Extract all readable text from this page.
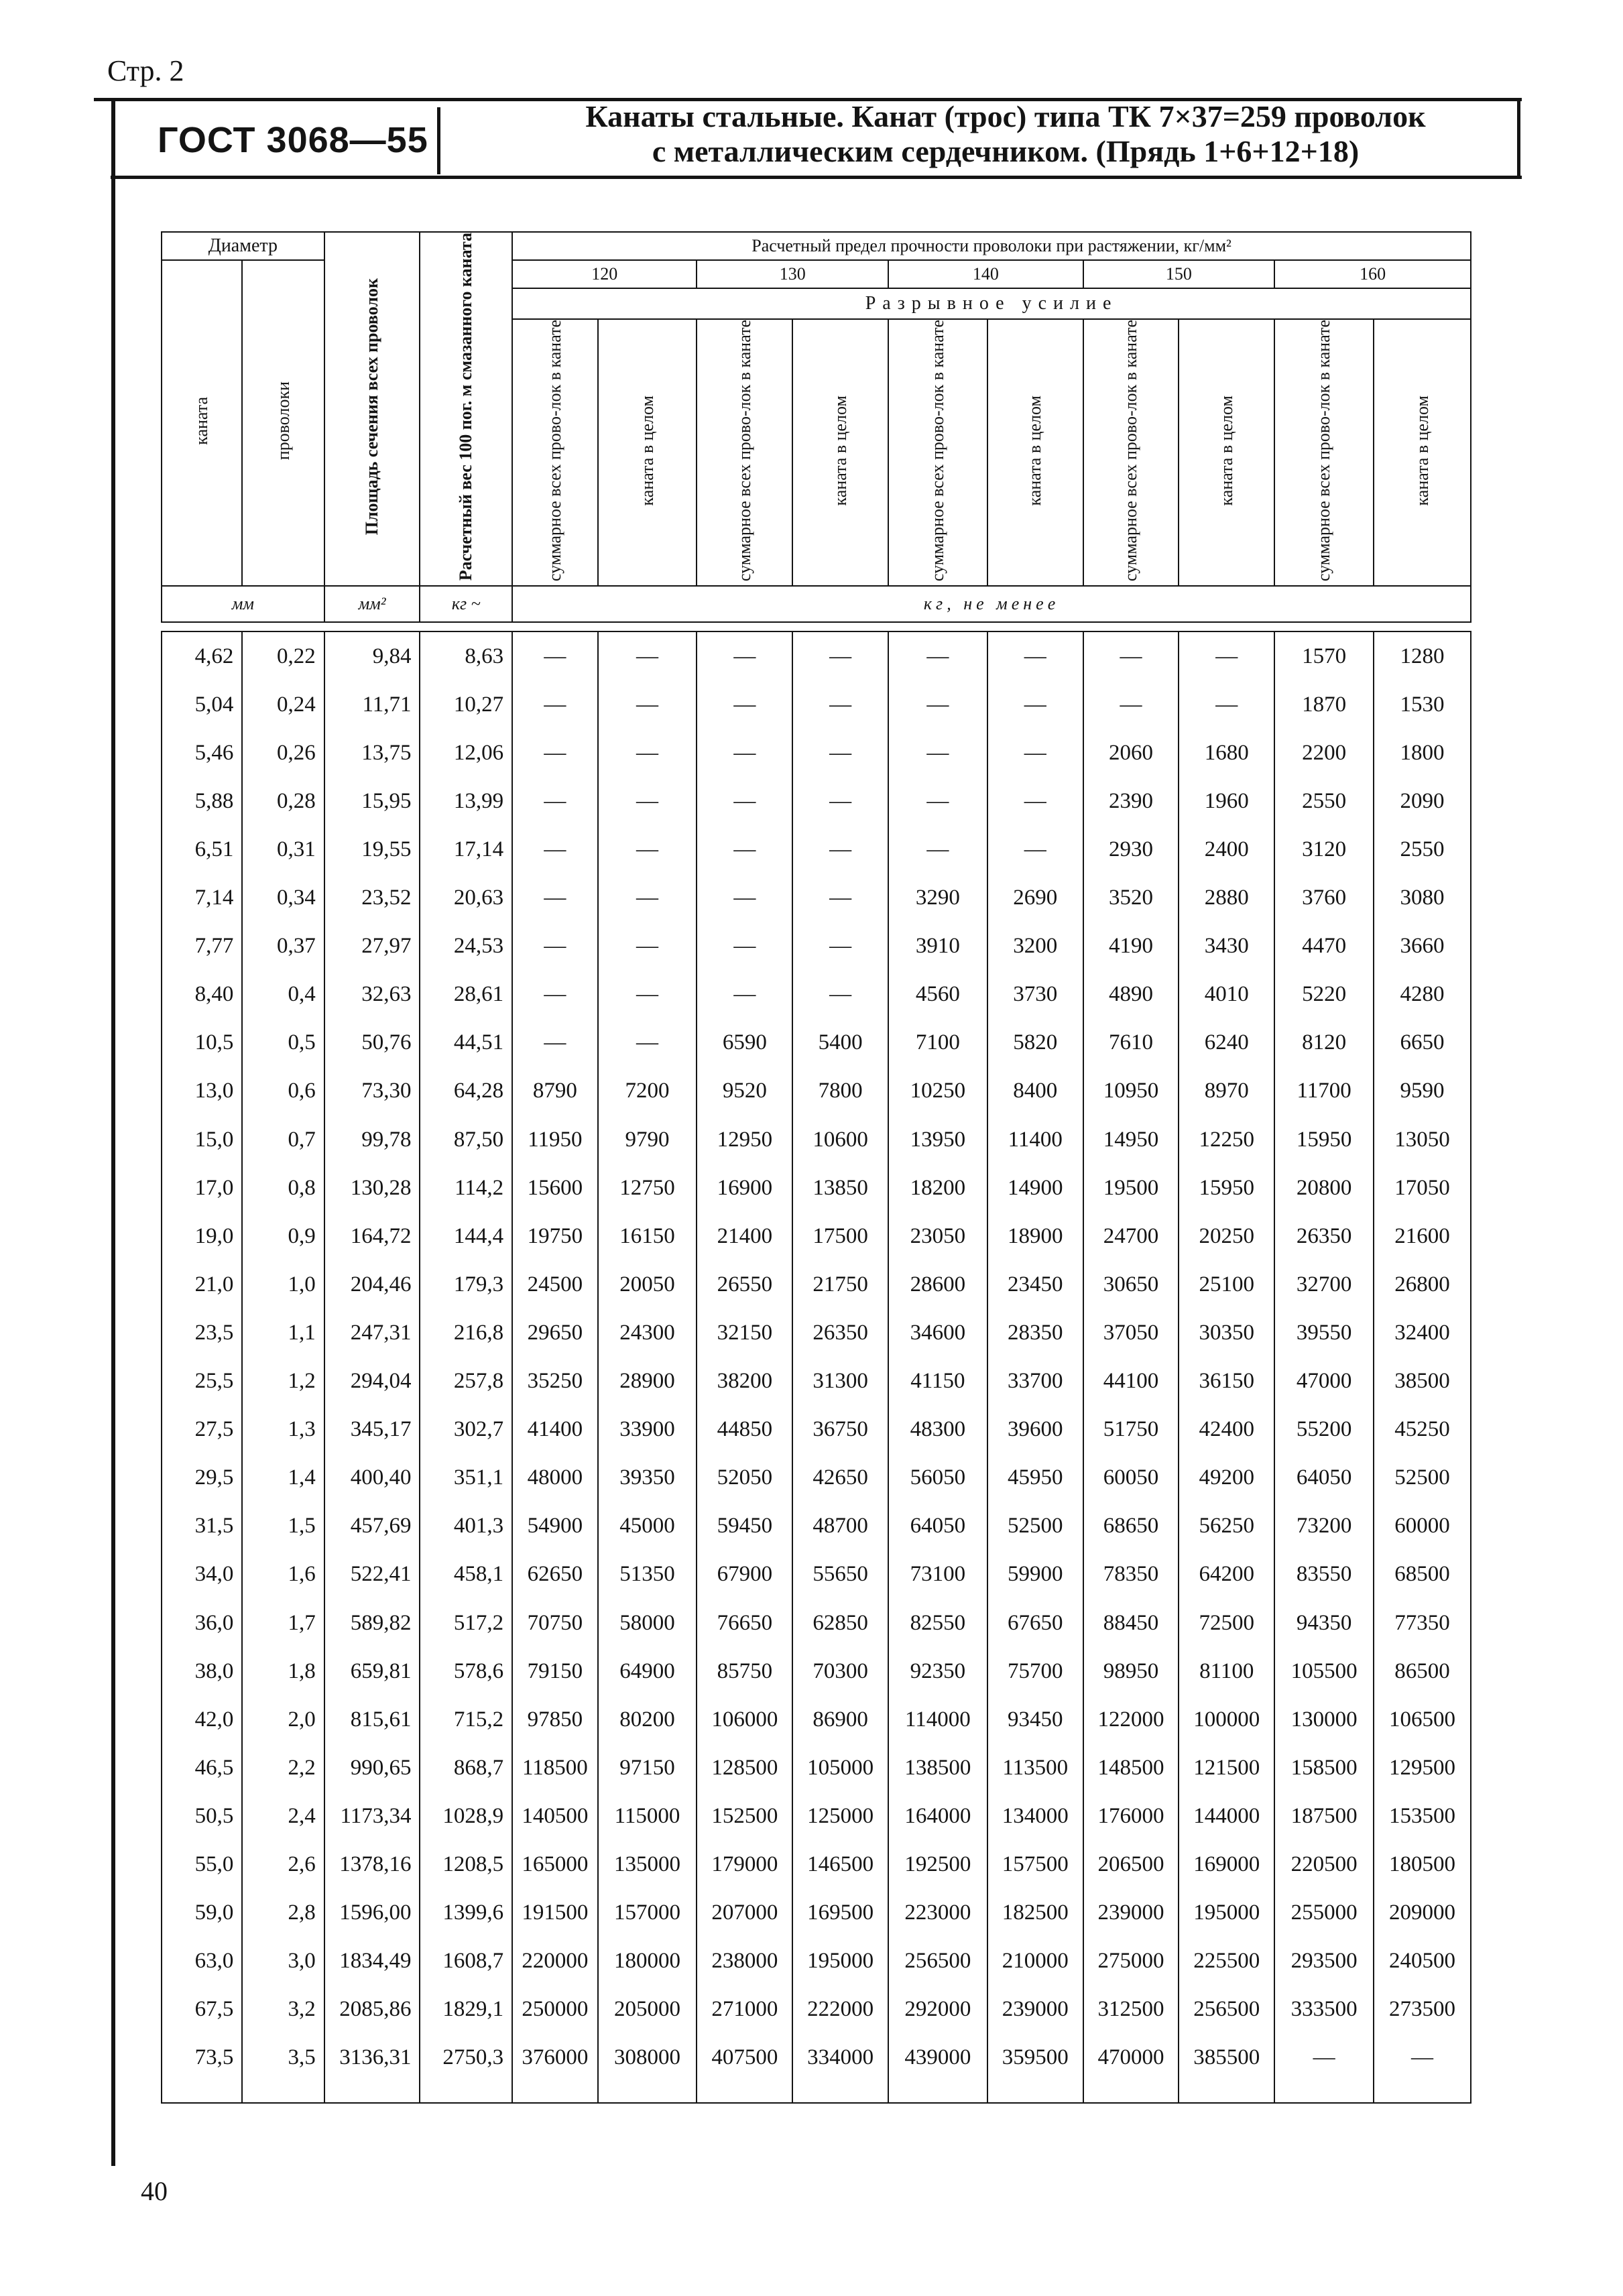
Стр. 2
ГОСТ 3068—55
Канаты стальные. Канат (трос) типа ТК 7×37=259 проволок
с металлическим сердечником. (Прядь 1+6+12+18)
Диаметр		Площадь сечения всех проволок	Расчетный вес 100 пог. м смазанного каната	Расчетный предел прочности проволоки при растяжении, кг/мм²									
каната	проволоки			120		130		140		150		160	
				Разрывное усилие									
				суммарное всех прово-лок в канате	каната в целом	суммарное всех прово-лок в канате	каната в целом	суммарное всех прово-лок в канате	каната в целом	суммарное всех прово-лок в канате	каната в целом	суммарное всех прово-лок в канате	каната в целом
мм		мм²	кг ~	кг, не менее									

4,62	0,22	9,84	8,63	—	—	—	—	—	—	—	—	1570	1280
5,04	0,24	11,71	10,27	—	—	—	—	—	—	—	—	1870	1530
5,46	0,26	13,75	12,06	—	—	—	—	—	—	2060	1680	2200	1800
5,88	0,28	15,95	13,99	—	—	—	—	—	—	2390	1960	2550	2090
6,51	0,31	19,55	17,14	—	—	—	—	—	—	2930	2400	3120	2550
7,14	0,34	23,52	20,63	—	—	—	—	3290	2690	3520	2880	3760	3080
7,77	0,37	27,97	24,53	—	—	—	—	3910	3200	4190	3430	4470	3660
8,40	0,4	32,63	28,61	—	—	—	—	4560	3730	4890	4010	5220	4280
10,5	0,5	50,76	44,51	—	—	6590	5400	7100	5820	7610	6240	8120	6650
13,0	0,6	73,30	64,28	8790	7200	9520	7800	10250	8400	10950	8970	11700	9590
15,0	0,7	99,78	87,50	11950	9790	12950	10600	13950	11400	14950	12250	15950	13050
17,0	0,8	130,28	114,2	15600	12750	16900	13850	18200	14900	19500	15950	20800	17050
19,0	0,9	164,72	144,4	19750	16150	21400	17500	23050	18900	24700	20250	26350	21600
21,0	1,0	204,46	179,3	24500	20050	26550	21750	28600	23450	30650	25100	32700	26800
23,5	1,1	247,31	216,8	29650	24300	32150	26350	34600	28350	37050	30350	39550	32400
25,5	1,2	294,04	257,8	35250	28900	38200	31300	41150	33700	44100	36150	47000	38500
27,5	1,3	345,17	302,7	41400	33900	44850	36750	48300	39600	51750	42400	55200	45250
29,5	1,4	400,40	351,1	48000	39350	52050	42650	56050	45950	60050	49200	64050	52500
31,5	1,5	457,69	401,3	54900	45000	59450	48700	64050	52500	68650	56250	73200	60000
34,0	1,6	522,41	458,1	62650	51350	67900	55650	73100	59900	78350	64200	83550	68500
36,0	1,7	589,82	517,2	70750	58000	76650	62850	82550	67650	88450	72500	94350	77350
38,0	1,8	659,81	578,6	79150	64900	85750	70300	92350	75700	98950	81100	105500	86500
42,0	2,0	815,61	715,2	97850	80200	106000	86900	114000	93450	122000	100000	130000	106500
46,5	2,2	990,65	868,7	118500	97150	128500	105000	138500	113500	148500	121500	158500	129500
50,5	2,4	1173,34	1028,9	140500	115000	152500	125000	164000	134000	176000	144000	187500	153500
55,0	2,6	1378,16	1208,5	165000	135000	179000	146500	192500	157500	206500	169000	220500	180500
59,0	2,8	1596,00	1399,6	191500	157000	207000	169500	223000	182500	239000	195000	255000	209000
63,0	3,0	1834,49	1608,7	220000	180000	238000	195000	256500	210000	275000	225500	293500	240500
67,5	3,2	2085,86	1829,1	250000	205000	271000	222000	292000	239000	312500	256500	333500	273500
73,5	3,5	3136,31	2750,3	376000	308000	407500	334000	439000	359500	470000	385500	—	—

40
